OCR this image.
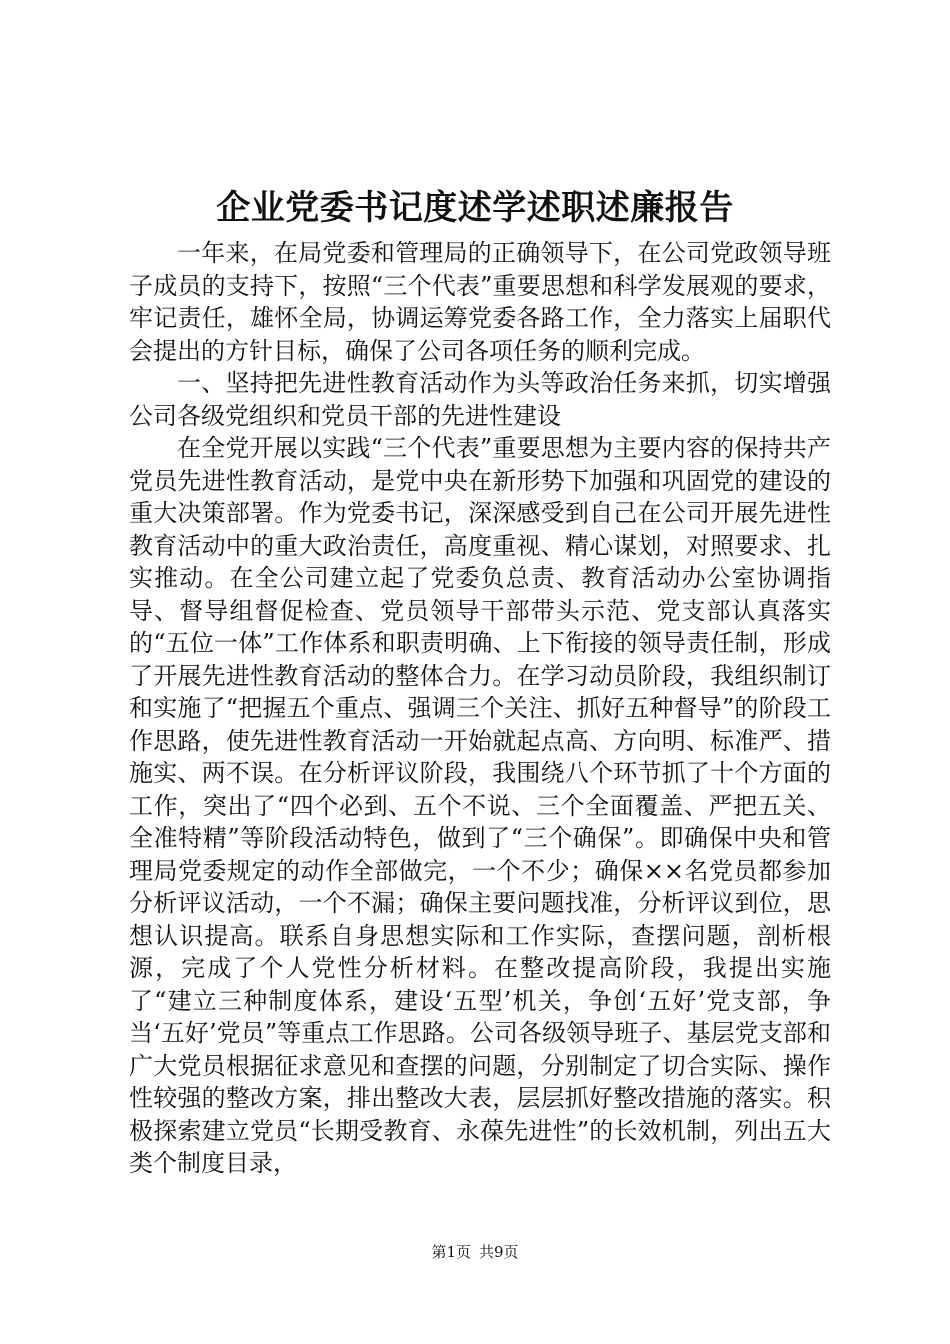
企业党委书记度述学述职述廉报告

一年来，在局党委和管理局的正确领导下，在公司党政领导班子成员的支持下，按照“三个代表”重要思想和科学发展观的要求，牢记责任，雄怀全局，协调运筹党委各路工作，全力落实上届职代会提出的方针目标，确保了公司各项任务的顺利完成。

一、坚持把先进性教育活动作为头等政治任务来抓，切实增强公司各级党组织和党员干部的先进性建设

在全党开展以实践“三个代表”重要思想为主要内容的保持共产党员先进性教育活动，是党中央在新形势下加强和巩固党的建设的重大决策部署。作为党委书记，深深感受到自己在公司开展先进性教育活动中的重大政治责任，高度重视、精心谋划，对照要求、扎实推动。在全公司建立起了党委负总责、教育活动办公室协调指导、督导组督促检查、党员领导干部带头示范、党支部认真落实的“五位一体”工作体系和职责明确、上下衔接的领导责任制，形成了开展先进性教育活动的整体合力。在学习动员阶段，我组织制订和实施了“把握五个重点、强调三个关注、抓好五种督导”的阶段工作思路，使先进性教育活动一开始就起点高、方向明、标准严、措施实、两不误。在分析评议阶段，我围绕八个环节抓了十个方面的工作，突出了“四个必到、五个不说、三个全面覆盖、严把五关、全准特精”等阶段活动特色，做到了“三个确保”。即确保中央和管理局党委规定的动作全部做完，一个不少；确保××名党员都参加分析评议活动，一个不漏；确保主要问题找准，分析评议到位，思想认识提高。联系自身思想实际和工作实际，查摆问题，剖析根源，完成了个人党性分析材料。在整改提高阶段，我提出实施了“建立三种制度体系，建设‘五型’机关，争创‘五好’党支部，争当‘五好’党员”等重点工作思路。公司各级领导班子、基层党支部和广大党员根据征求意见和查摆的问题，分别制定了切合实际、操作性较强的整改方案，排出整改大表，层层抓好整改措施的落实。积极探索建立党员“长期受教育、永葆先进性”的长效机制，列出五大类个制度目录，

第1页 共9页
